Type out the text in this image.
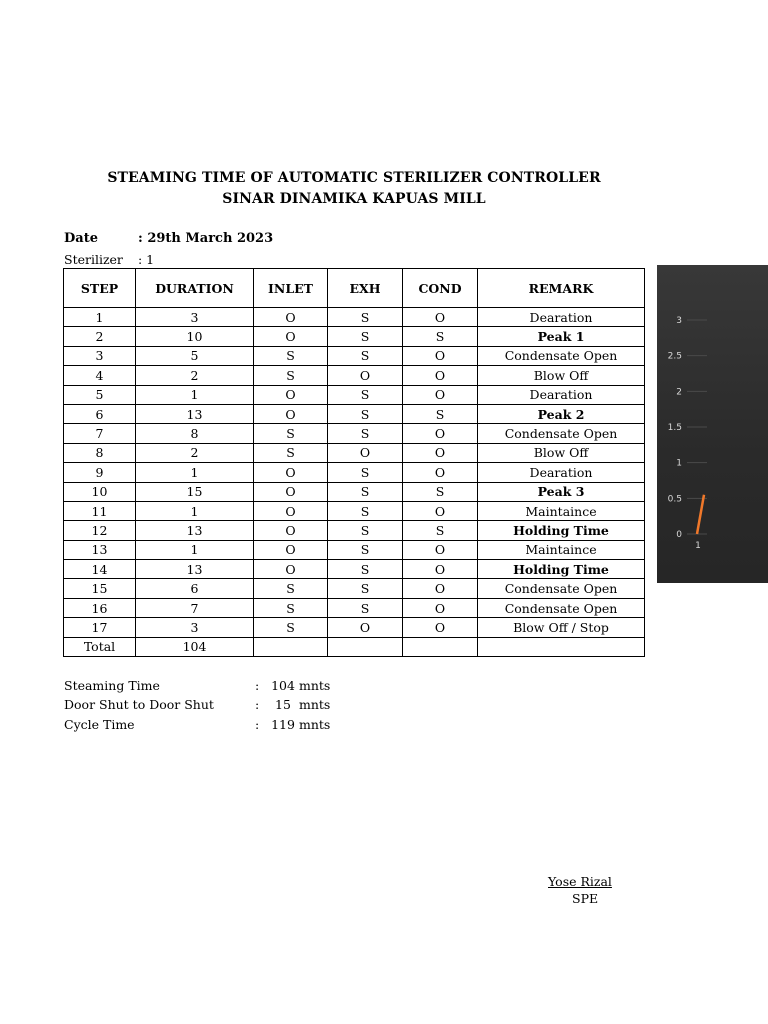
STEAMING TIME OF AUTOMATIC STERILIZER CONTROLLER
SINAR DINAMIKA KAPUAS MILL
Date	: 29th March 2023
Sterilizer : 1
STEP	DURATION	INLET	EXH	COND	REMARK
1	3	O	S	O	Dearation
2	10	O	S	S	Peak 1
3	5	S	S	O	Condensate Open
4	2	S	O	O	Blow Off
5	1	O	S	O	Dearation
6	13	O	S	S	Peak 2
7	8	S	S	O	Condensate Open
8	2	S	O	O	Blow Off
9	1	O	S	O	Dearation
10	15	O	S	S	Peak 3
11	1	O	S	O	Maintaince
12	13	O	S	S	Holding Time
13	1	O	S	O	Maintaince
14	13	O	S	O	Holding Time
15	6	S	S	O	Condensate Open
16	7	S	S	O	Condensate Open
17	3	S	O	O	Blow Off / Stop
Total	104				
Steaming Time	: 104 mnts
Door Shut to Door Shut	: 15 mnts
Cycle Time	: 119 mnts
Yose Rizal
SPE
3
2.5
2
1.5
1
0.5
0
1
